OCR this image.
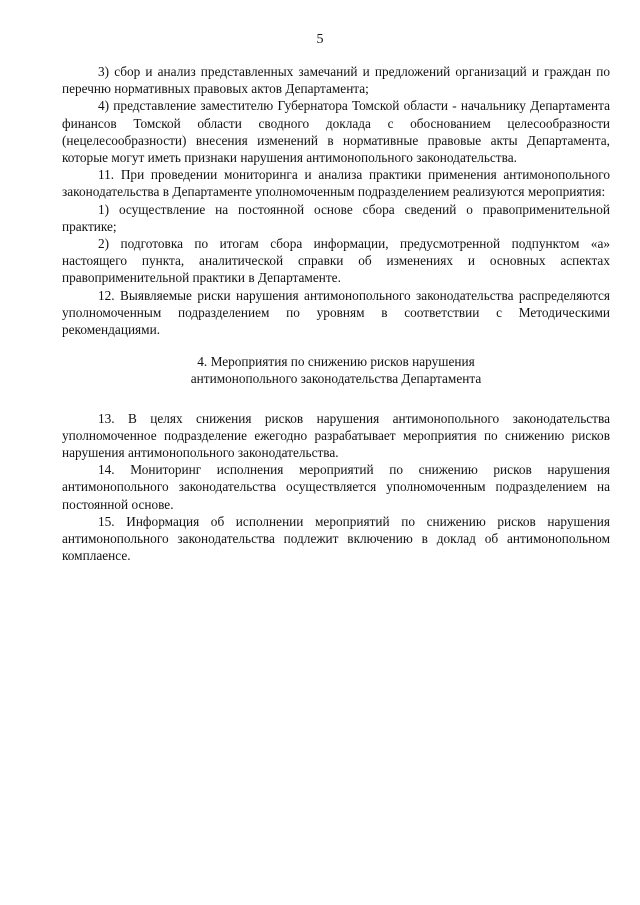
5

3) сбор и анализ представленных замечаний и предложений организаций и граждан по перечню нормативных правовых актов Департамента;

4) представление заместителю Губернатора Томской области - начальнику Департамента финансов Томской области сводного доклада с обоснованием целесообразности (нецелесообразности) внесения изменений в нормативные правовые акты Департамента, которые могут иметь признаки нарушения антимонопольного законодательства.

11. При проведении мониторинга и анализа практики применения антимонопольного законодательства в Департаменте уполномоченным подразделением реализуются мероприятия:

1) осуществление на постоянной основе сбора сведений о правоприменительной практике;

2) подготовка по итогам сбора информации, предусмотренной подпунктом «а» настоящего пункта, аналитической справки об изменениях и основных аспектах правоприменительной практики в Департаменте.

12. Выявляемые риски нарушения антимонопольного законодательства распределяются уполномоченным подразделением по уровням в соответствии с Методическими рекомендациями.

4. Мероприятия по снижению рисков нарушения
антимонопольного законодательства Департамента

13. В целях снижения рисков нарушения антимонопольного законодательства уполномоченное подразделение ежегодно разрабатывает мероприятия по снижению рисков нарушения антимонопольного законодательства.

14. Мониторинг исполнения мероприятий по снижению рисков нарушения антимонопольного законодательства осуществляется уполномоченным подразделением на постоянной основе.

15. Информация об исполнении мероприятий по снижению рисков нарушения антимонопольного законодательства подлежит включению в доклад об антимонопольном комплаенсе.
